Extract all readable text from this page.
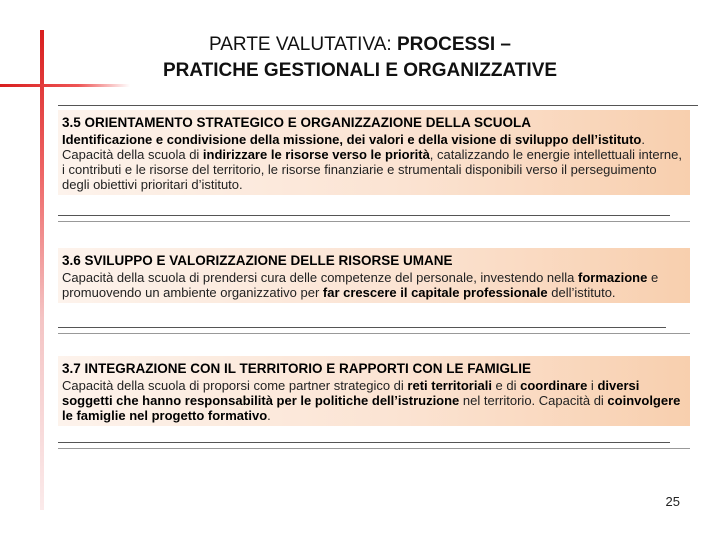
PARTE VALUTATIVA: PROCESSI –
PRATICHE GESTIONALI E ORGANIZZATIVE
3.5 ORIENTAMENTO STRATEGICO E ORGANIZZAZIONE DELLA SCUOLA
Identificazione e condivisione della missione, dei valori e della visione di sviluppo dell’istituto. Capacità della scuola di indirizzare le risorse verso le priorità, catalizzando le energie intellettuali interne, i contributi e le risorse del territorio, le risorse finanziarie e strumentali disponibili verso il perseguimento degli obiettivi prioritari d’istituto.
3.6 SVILUPPO E VALORIZZAZIONE DELLE RISORSE UMANE
Capacità della scuola di prendersi cura delle competenze del personale, investendo nella formazione e promuovendo un ambiente organizzativo per far crescere il capitale professionale dell’istituto.
3.7 INTEGRAZIONE CON IL TERRITORIO E RAPPORTI CON LE FAMIGLIE
Capacità della scuola di proporsi come partner strategico di reti territoriali e di coordinare i diversi soggetti che hanno responsabilità per le politiche dell’istruzione nel territorio. Capacità di coinvolgere le famiglie nel progetto formativo.
25
